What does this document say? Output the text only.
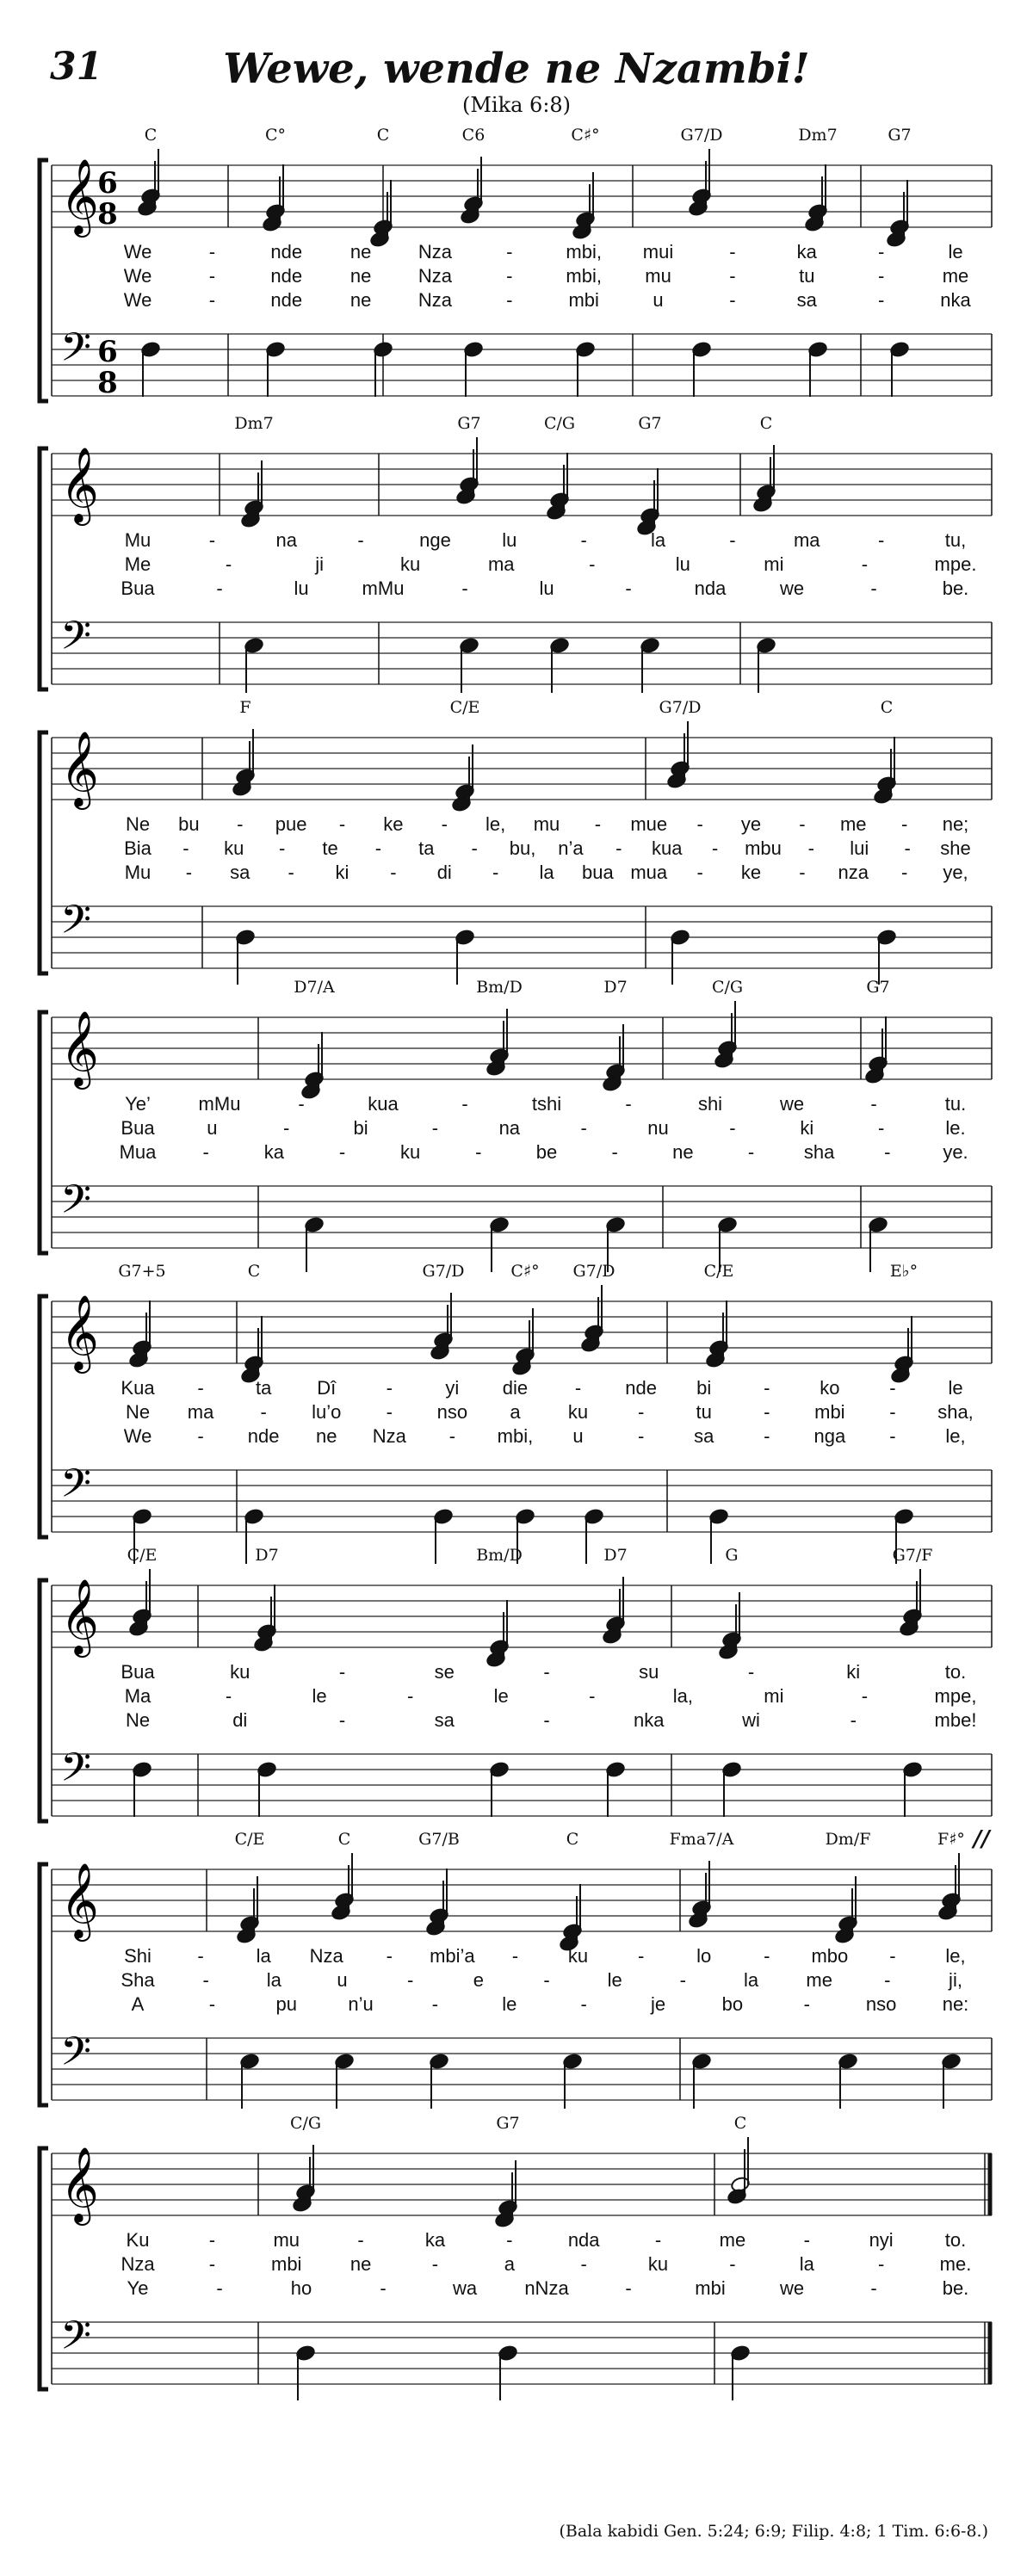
31	Wewe, wende ne Nzambi!
(Mika 6:8)
𝄞
𝄢
6
8
6
8
C	C°	C	C6	C♯°	G7/D	Dm7	G7
We	-	nde	ne Nza	-	mbi, mui	-	ka	-	le
We	-	nde	ne Nza	-	mbi, mu	-	tu	-	me
We	-	nde	ne Nza	-	mbi	u	-	sa	-	nka
𝄞
𝄢
Dm7	G7	C/G	G7	C
Mu	-	na	-	nge	lu	-	la	-	ma	-	tu,
Me	-	ji	ku	ma	-	lu	mi	-	mpe.
Bua	-	lu	mMu	-	lu	-	nda	we	-	be.
𝄞
𝄢
F	C/E	G7/D	C
Ne bu - pue - ke - le, mu - mue - ye - me - ne;
Bia - ku - te - ta - bu, n’a - kua - mbu - lui - she
Mu - sa - ki - di - la bua mua - ke - nza - ye,
𝄞
𝄢
D7/A	Bm/D	D7	C/G	G7
Ye’	mMu	-	kua	-	tshi	-	shi	we	-	tu.
Bua	u	-	bi	-	na	-	nu	-	ki	-	le.
Mua -	ka	-	ku	-	be	-	ne	-	sha	-	ye.
𝄞
𝄢
G7+5	C	G7/D	C♯° G7/D	C/E	E♭°
Kua -	ta Dî	-	yi die - nde bi	-	ko	-	le
Ne ma - lu’o - nso a	ku	-	tu	- mbi - sha,
We - nde ne Nza - mbi, u	-	sa	- nga -	le,
𝄞
𝄢
C/E	D7	Bm/D	D7	G	G7/F
Bua	ku	-	se	-	su	-	ki	to.
Ma	-	le	-	le	-	la,	mi	-	mpe,
Ne	di	-	sa	-	nka	wi	-	mbe!
𝄞
𝄢
C/E	C	G7/B	C	Fma7/A	Dm/F	F♯° //
Shi -	la Nza - mbi’a -	ku	-	lo	- mbo -	le,
Sha	-	la	u	-	e	-	le	-	la	me	-	ji,
A	-	pu	n’u	-	le	-	je	bo	-	nso ne:
𝄞
𝄢
C/G	G7	C
Ku	-	mu	-	ka	-	nda	-	me	-	nyi	to.
Nza	-	mbi	ne	-	a	-	ku	-	la	-	me.
Ye	-	ho	-	wa	nNza	-	mbi	we	-	be.
(Bala kabidi Gen. 5:24; 6:9; Filip. 4:8; 1 Tim. 6:6-8.)
